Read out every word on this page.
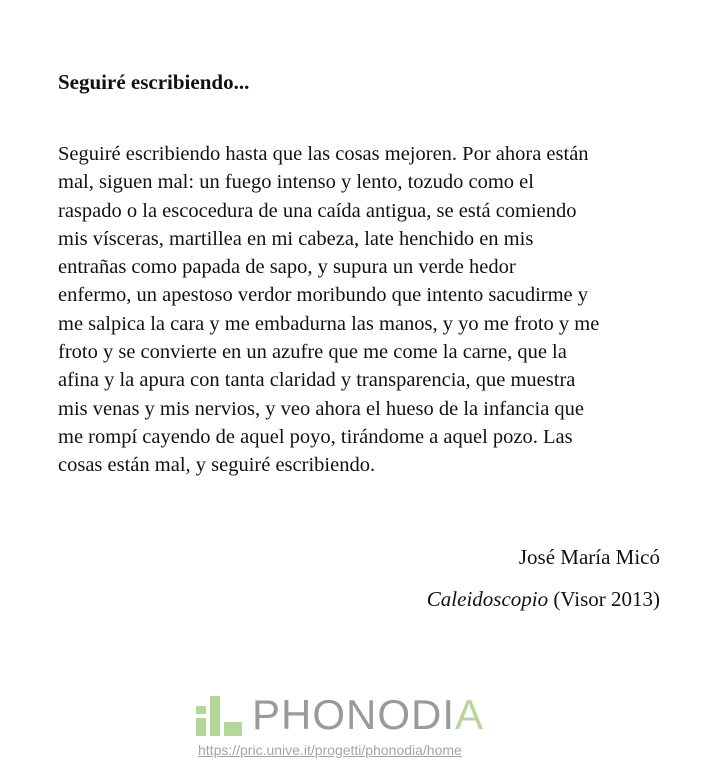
Seguiré escribiendo...
Seguiré escribiendo hasta que las cosas mejoren. Por ahora están
mal, siguen mal: un fuego intenso y lento, tozudo como el
raspado o la escocedura de una caída antigua, se está comiendo
mis vísceras, martillea en mi cabeza, late henchido en mis
entrañas como papada de sapo, y supura un verde hedor
enfermo, un apestoso verdor moribundo que intento sacudirme y
me salpica la cara y me embadurna las manos, y yo me froto y me
froto y se convierte en un azufre que me come la carne, que la
afina y la apura con tanta claridad y transparencia, que muestra
mis venas y mis nervios, y veo ahora el hueso de la infancia que
me rompí cayendo de aquel poyo, tirándome a aquel pozo. Las
cosas están mal, y seguiré escribiendo.

José María Micó

Caleidoscopio (Visor 2013)

PHONODIA
https://pric.unive.it/progetti/phonodia/home
